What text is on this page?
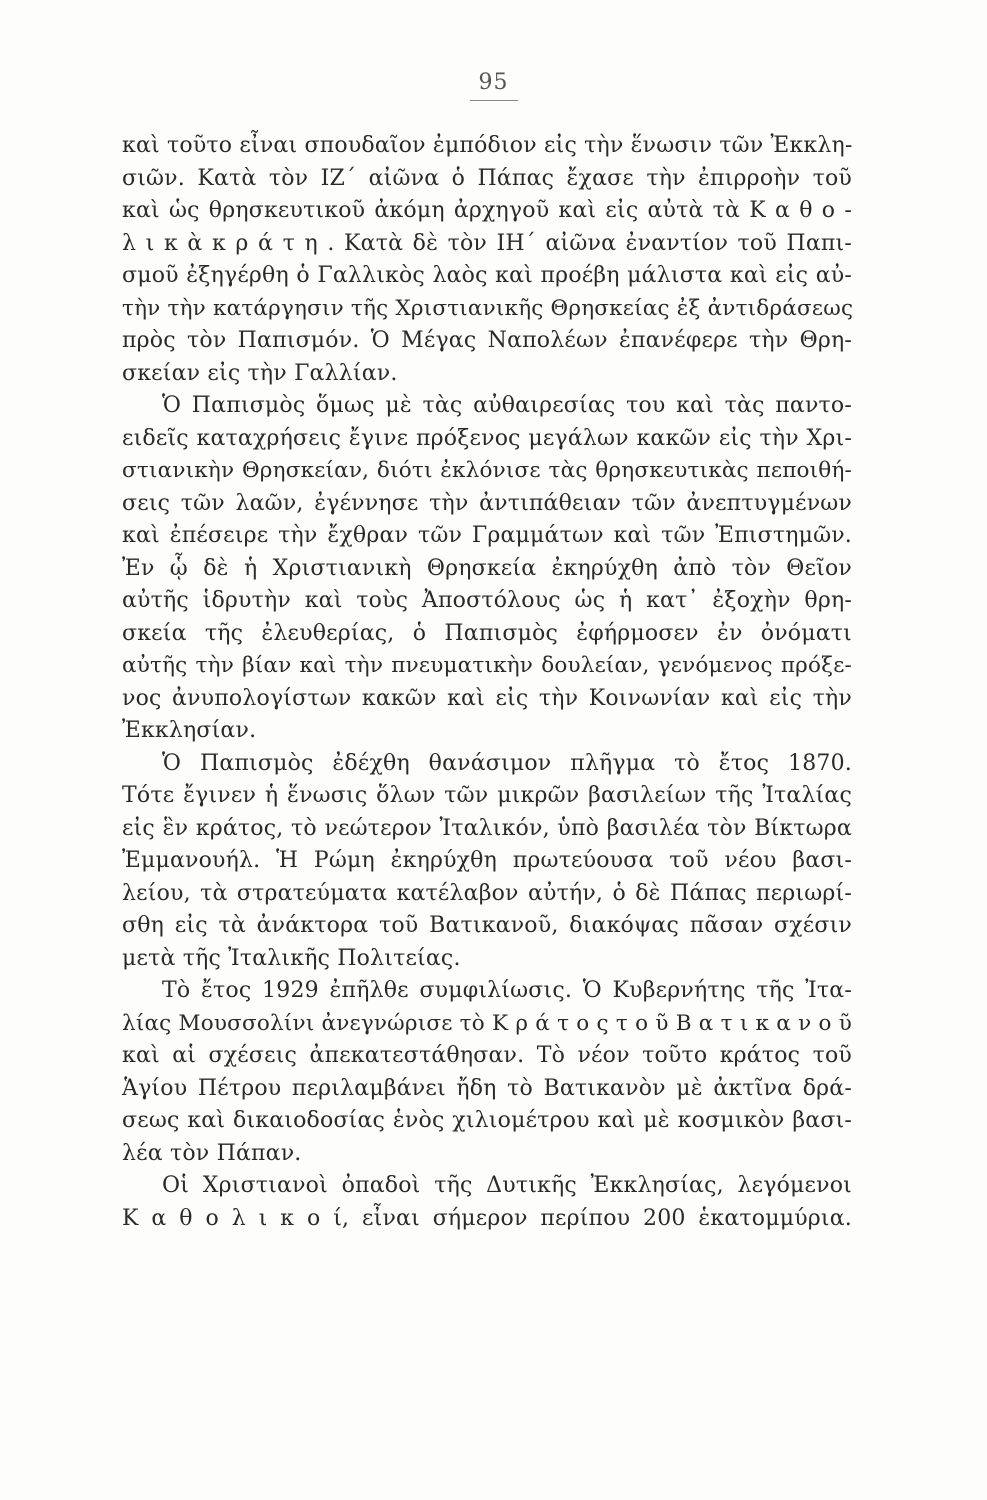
95
καὶ τοῦτο εἶναι σπουδαῖον ἐμπόδιον εἰς τὴν ἕνωσιν τῶν Ἐκκλη-
σιῶν. Κατὰ τὸν ΙΖ΄ αἰῶνα ὁ Πάπας ἔχασε τὴν ἐπιρροὴν τοῦ
καὶ ὡς θρησκευτικοῦ ἀκόμη ἀρχηγοῦ καὶ εἰς αὐτὰ τὰ Κ α θ ο -
λ ι κ ὰ κ ρ ά τ η . Κατὰ δὲ τὸν ΙΗ΄ αἰῶνα ἐναντίον τοῦ Παπι-
σμοῦ ἐξηγέρθη ὁ Γαλλικὸς λαὸς καὶ προέβη μάλιστα καὶ εἰς αὐ-
τὴν τὴν κατάργησιν τῆς Χριστιανικῆς Θρησκείας ἐξ ἀντιδράσεως
πρὸς τὸν Παπισμόν. Ὁ Μέγας Ναπολέων ἐπανέφερε τὴν Θρη-
σκείαν εἰς τὴν Γαλλίαν.
Ὁ Παπισμὸς ὅμως μὲ τὰς αὐθαιρεσίας του καὶ τὰς παντο-
ειδεῖς καταχρήσεις ἔγινε πρόξενος μεγάλων κακῶν εἰς τὴν Χρι-
στιανικὴν Θρησκείαν, διότι ἐκλόνισε τὰς θρησκευτικὰς πεποιθή-
σεις τῶν λαῶν, ἐγέννησε τὴν ἀντιπάθειαν τῶν ἀνεπτυγμένων
καὶ ἐπέσειρε τὴν ἔχθραν τῶν Γραμμάτων καὶ τῶν Ἐπιστημῶν.
Ἐν ᾧ δὲ ἡ Χριστιανικὴ Θρησκεία ἐκηρύχθη ἀπὸ τὸν Θεῖον
αὐτῆς ἱδρυτὴν καὶ τοὺς Ἀποστόλους ὡς ἡ κατ᾽ ἐξοχὴν θρη-
σκεία τῆς ἐλευθερίας, ὁ Παπισμὸς ἐφήρμοσεν ἐν ὀνόματι
αὐτῆς τὴν βίαν καὶ τὴν πνευματικὴν δουλείαν, γενόμενος πρόξε-
νος ἀνυπολογίστων κακῶν καὶ εἰς τὴν Κοινωνίαν καὶ εἰς τὴν
Ἐκκλησίαν.
Ὁ Παπισμὸς ἐδέχθη θανάσιμον πλῆγμα τὸ ἔτος 1870.
Τότε ἔγινεν ἡ ἕνωσις ὅλων τῶν μικρῶν βασιλείων τῆς Ἰταλίας
εἰς ἓν κράτος, τὸ νεώτερον Ἰταλικόν, ὑπὸ βασιλέα τὸν Βίκτωρα
Ἐμμανουήλ. Ἡ Ρώμη ἐκηρύχθη πρωτεύουσα τοῦ νέου βασι-
λείου, τὰ στρατεύματα κατέλαβον αὐτήν, ὁ δὲ Πάπας περιωρί-
σθη εἰς τὰ ἀνάκτορα τοῦ Βατικανοῦ, διακόψας πᾶσαν σχέσιν
μετὰ τῆς Ἰταλικῆς Πολιτείας.
Τὸ ἔτος 1929 ἐπῆλθε συμφιλίωσις. Ὁ Κυβερνήτης τῆς Ἰτα-
λίας Μουσσολίνι ἀνεγνώρισε τὸ Κ ρ ά τ ο ς τ ο ῦ Β α τ ι κ α ν ο ῦ
καὶ αἱ σχέσεις ἀπεκατεστάθησαν. Τὸ νέον τοῦτο κράτος τοῦ
Ἁγίου Πέτρου περιλαμβάνει ἤδη τὸ Βατικανὸν μὲ ἀκτῖνα δρά-
σεως καὶ δικαιοδοσίας ἑνὸς χιλιομέτρου καὶ μὲ κοσμικὸν βασι-
λέα τὸν Πάπαν.
Οἱ Χριστιανοὶ ὀπαδοὶ τῆς Δυτικῆς Ἐκκλησίας, λεγόμενοι
Κ α θ ο λ ι κ ο ί, εἶναι σήμερον περίπου 200 ἑκατομμύρια.
